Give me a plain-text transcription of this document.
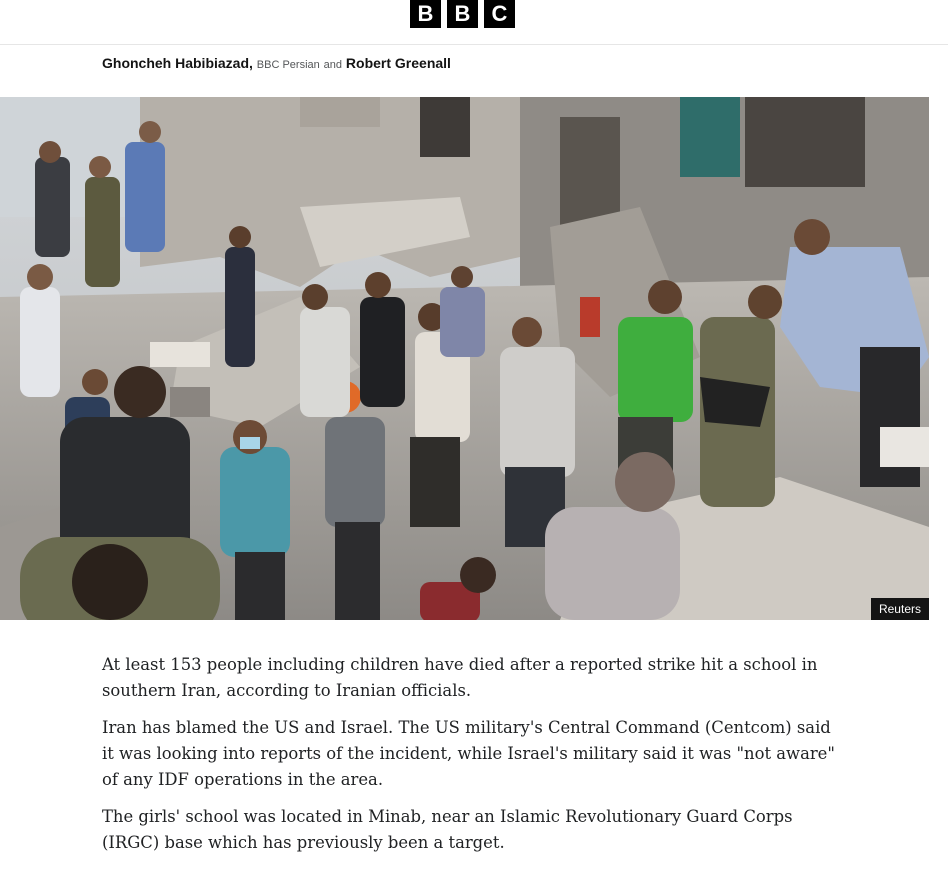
B B C
Ghoncheh Habibiazad, BBC Persian and Robert Greenall
Reuters

At least 153 people including children have died after a reported strike hit a school in southern Iran, according to Iranian officials.

Iran has blamed the US and Israel. The US military's Central Command (Centcom) said it was looking into reports of the incident, while Israel's military said it was "not aware" of any IDF operations in the area.

The girls' school was located in Minab, near an Islamic Revolutionary Guard Corps (IRGC) base which has previously been a target.
